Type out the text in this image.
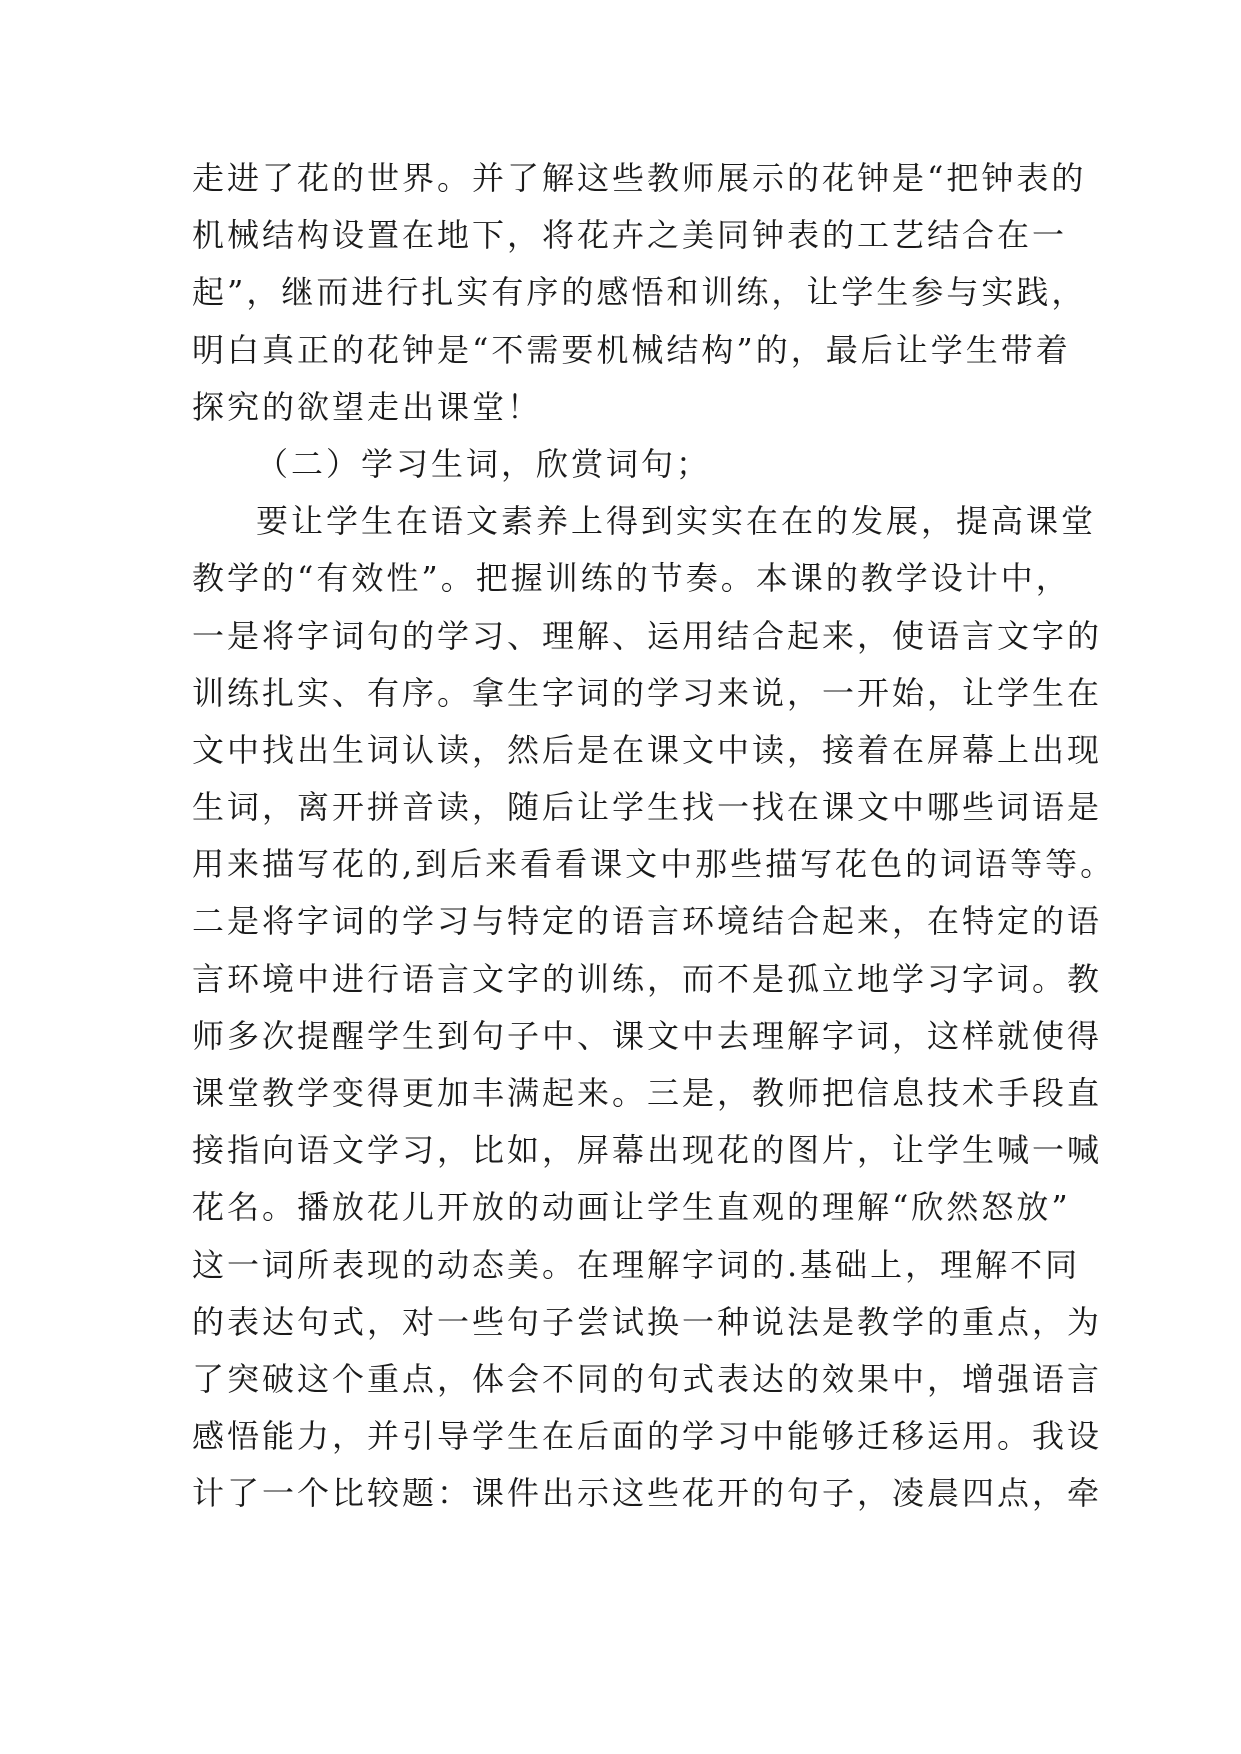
走进了花的世界。并了解这些教师展示的花钟是“把钟表的
机械结构设置在地下，将花卉之美同钟表的工艺结合在一
起”，继而进行扎实有序的感悟和训练，让学生参与实践，
明白真正的花钟是“不需要机械结构”的，最后让学生带着
探究的欲望走出课堂！
（二）学习生词，欣赏词句；
要让学生在语文素养上得到实实在在的发展，提高课堂
教学的“有效性”。把握训练的节奏。本课的教学设计中，
一是将字词句的学习、理解、运用结合起来，使语言文字的
训练扎实、有序。拿生字词的学习来说，一开始，让学生在
文中找出生词认读，然后是在课文中读，接着在屏幕上出现
生词，离开拼音读，随后让学生找一找在课文中哪些词语是
用来描写花的,到后来看看课文中那些描写花色的词语等等。
二是将字词的学习与特定的语言环境结合起来，在特定的语
言环境中进行语言文字的训练，而不是孤立地学习字词。教
师多次提醒学生到句子中、课文中去理解字词，这样就使得
课堂教学变得更加丰满起来。三是，教师把信息技术手段直
接指向语文学习，比如，屏幕出现花的图片，让学生喊一喊
花名。播放花儿开放的动画让学生直观的理解“欣然怒放”
这一词所表现的动态美。在理解字词的.基础上，理解不同
的表达句式，对一些句子尝试换一种说法是教学的重点，为
了突破这个重点，体会不同的句式表达的效果中，增强语言
感悟能力，并引导学生在后面的学习中能够迁移运用。我设
计了一个比较题：课件出示这些花开的句子，凌晨四点，牵
